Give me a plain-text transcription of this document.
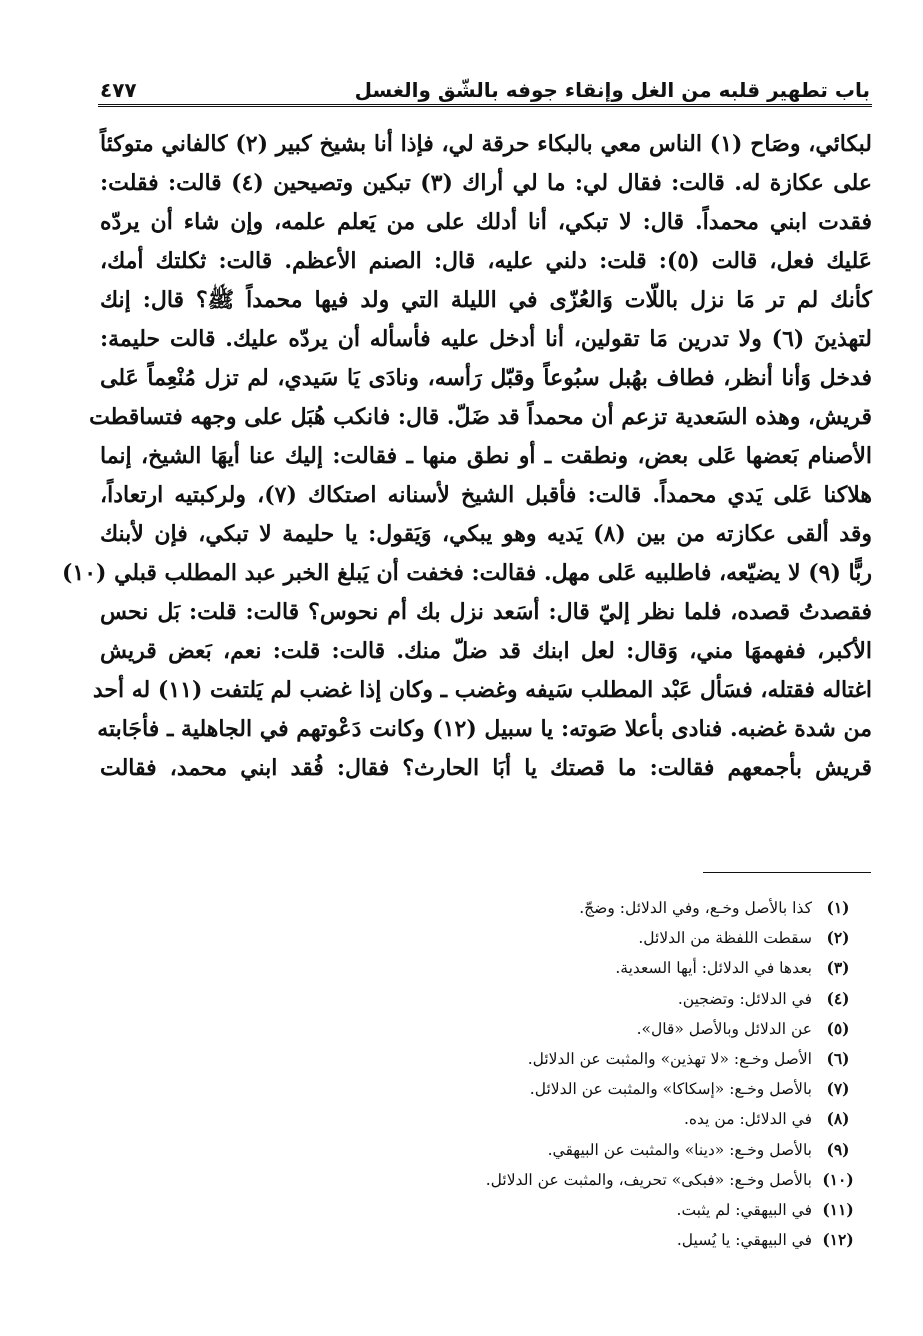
باب تطهير قلبه من الغل وإنقاء جوفه بالشّق والغسل
٤٧٧
لبكائي، وصَاح (١) الناس معي بالبكاء حرقة لي، فإذا أنا بشيخ كبير (٢) كالفاني متوكئاً
على عكازة له. قالت: فقال لي: ما لي أراك (٣) تبكين وتصيحين (٤) قالت: فقلت:
فقدت ابني محمداً. قال: لا تبكي، أنا أدلك على من يَعلم علمه، وإن شاء أن يردّه
عَليك فعل، قالت (٥): قلت: دلني عليه، قال: الصنم الأعظم. قالت: ثكلتك أمك،
كأنك لم تر مَا نزل باللّات وَالعُزّى في الليلة التي ولد فيها محمداً ﷺ؟ قال: إنك
لتهذينَ (٦) ولا تدرين مَا تقولين، أنا أدخل عليه فأسأله أن يردّه عليك. قالت حليمة:
فدخل وَأنا أنظر، فطاف بهُبل سبُوعاً وقبّل رَأسه، ونادَى يَا سَيدي، لم تزل مُنْعِماً عَلى
قريش، وهذه السَعدية تزعم أن محمداً قد ضَلّ. قال: فانكب هُبَل على وجهه فتساقطت
الأصنام بَعضها عَلى بعض، ونطقت ـ أو نطق منها ـ فقالت: إليك عنا أيهَا الشيخ، إنما
هلاكنا عَلى يَدي محمداً. قالت: فأقبل الشيخ لأسنانه اصتكاك (٧)، ولركبتيه ارتعاداً،
وقد ألقى عكازته من بين (٨) يَديه وهو يبكي، وَيَقول: يا حليمة لا تبكي، فإن لأبنك
ربًّا (٩) لا يضيّعه، فاطلبيه عَلى مهل. فقالت: فخفت أن يَبلغ الخبر عبد المطلب قبلي (١٠)
فقصدتُ قصده، فلما نظر إليّ قال: أسَعد نزل بك أم نحوس؟ قالت: قلت: بَل نحس
الأكبر، ففهمهَا مني، وَقال: لعل ابنك قد ضلّ منك. قالت: قلت: نعم، بَعض قريش
اغتاله فقتله، فسَأل عَبْد المطلب سَيفه وغضب ـ وكان إذا غضب لم يَلتفت (١١) له أحد
من شدة غضبه. فنادى بأعلا صَوته: يا سبيل (١٢) وكانت دَعْوتهم في الجاهلية ـ فأجَابته
قريش بأجمعهم فقالت: ما قصتك يا أبَا الحارث؟ فقال: فُقد ابني محمد، فقالت
(١)
كذا بالأصل وخـع، وفي الدلائل: وضجّ.
(٢)
سقطت اللفظة من الدلائل.
(٣)
بعدها في الدلائل: أيها السعدية.
(٤)
في الدلائل: وتضجين.
(٥)
عن الدلائل وبالأصل «قال».
(٦)
الأصل وخـع: «لا تهذين» والمثبت عن الدلائل.
(٧)
بالأصل وخـع: «إسكاكا» والمثبت عن الدلائل.
(٨)
في الدلائل: من يده.
(٩)
بالأصل وخـع: «دينا» والمثبت عن البيهقي.
(١٠)
بالأصل وخـع: «فبكى» تحريف، والمثبت عن الدلائل.
(١١)
في البيهقي: لم يثبت.
(١٢)
في البيهقي: يا يُسيل.
